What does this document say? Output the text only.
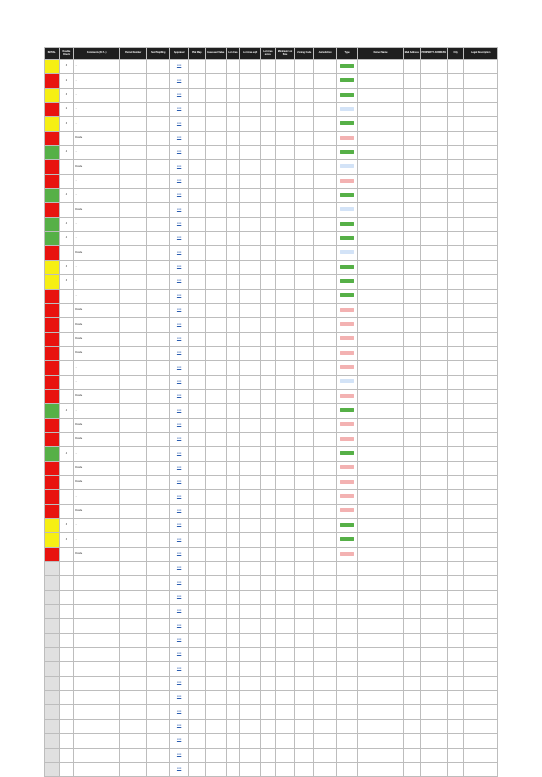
INITIAL	Double Check	Comments (B-T...)	Parcel Number	Sec/Twp/Rng	Appraisal	Plat Map	Assessed Value	Lot Area	Lot Area sqft	Lot Area acres	Minimum Lot Size	Zoning Code	Jurisdiction	Type	Owner Name	Mail Address	PROPERTY ADDRESS	City	Legal Description
	3	...			Link														
	2	...			Link														
	3	...			Link														
	2	...			Link														
	3	...			Link														
		Donde			Link														
	4	...			Link														
		Donde			Link														
		...			Link														
	4	...			Link														
		Donde			Link														
	4	...			Link														
	4	...			Link														
		Donde			Link														
	3	...			Link														
	3	...			Link														
		...			Link														
		Donde			Link														
		Donde			Link														
		Donde			Link														
		Donde			Link														
		...			Link														
		...			Link														
		Donde			Link														
	4	...			Link														
		Donde			Link														
		Donde			Link														
	4	...			Link														
		Donde			Link														
		Donde			Link														
		...			Link														
		Donde			Link														
	3	...			Link														
	3	...			Link														
		Donde			Link														
					Link														
					Link														
					Link														
					Link														
					Link														
					Link														
					Link														
					Link														
					Link														
					Link														
					Link														
					Link														
					Link														
					Link														
					Link														
